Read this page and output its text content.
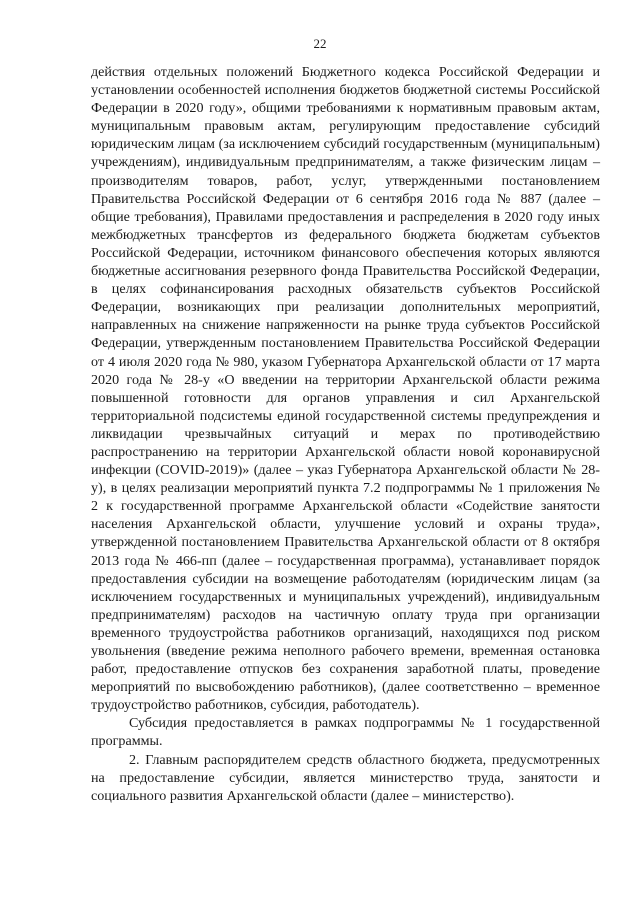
22

действия отдельных положений Бюджетного кодекса Российской Федерации и установлении особенностей исполнения бюджетов бюджетной системы Российской Федерации в 2020 году», общими требованиями к нормативным правовым актам, муниципальным правовым актам, регулирующим предоставление субсидий юридическим лицам (за исключением субсидий государственным (муниципальным) учреждениям), индивидуальным предпринимателям, а также физическим лицам – производителям товаров, работ, услуг, утвержденными постановлением Правительства Российской Федерации от 6 сентября 2016 года № 887 (далее – общие требования), Правилами предоставления и распределения в 2020 году иных межбюджетных трансфертов из федерального бюджета бюджетам субъектов Российской Федерации, источником финансового обеспечения которых являются бюджетные ассигнования резервного фонда Правительства Российской Федерации, в целях софинансирования расходных обязательств субъектов Российской Федерации, возникающих при реализации дополнительных мероприятий, направленных на снижение напряженности на рынке труда субъектов Российской Федерации, утвержденным постановлением Правительства Российской Федерации от 4 июля 2020 года № 980, указом Губернатора Архангельской области от 17 марта 2020 года № 28-у «О введении на территории Архангельской области режима повышенной готовности для органов управления и сил Архангельской территориальной подсистемы единой государственной системы предупреждения и ликвидации чрезвычайных ситуаций и мерах по противодействию распространению на территории Архангельской области новой коронавирусной инфекции (COVID-2019)» (далее – указ Губернатора Архангельской области № 28-у), в целях реализации мероприятий пункта 7.2 подпрограммы № 1 приложения № 2 к государственной программе Архангельской области «Содействие занятости населения Архангельской области, улучшение условий и охраны труда», утвержденной постановлением Правительства Архангельской области от 8 октября 2013 года № 466-пп (далее – государственная программа), устанавливает порядок предоставления субсидии на возмещение работодателям (юридическим лицам (за исключением государственных и муниципальных учреждений), индивидуальным предпринимателям) расходов на частичную оплату труда при организации временного трудоустройства работников организаций, находящихся под риском увольнения (введение режима неполного рабочего времени, временная остановка работ, предоставление отпусков без сохранения заработной платы, проведение мероприятий по высвобождению работников), (далее соответственно – временное трудоустройство работников, субсидия, работодатель).

Субсидия предоставляется в рамках подпрограммы № 1 государственной программы.

2. Главным распорядителем средств областного бюджета, предусмотренных на предоставление субсидии, является министерство труда, занятости и социального развития Архангельской области (далее – министерство).
